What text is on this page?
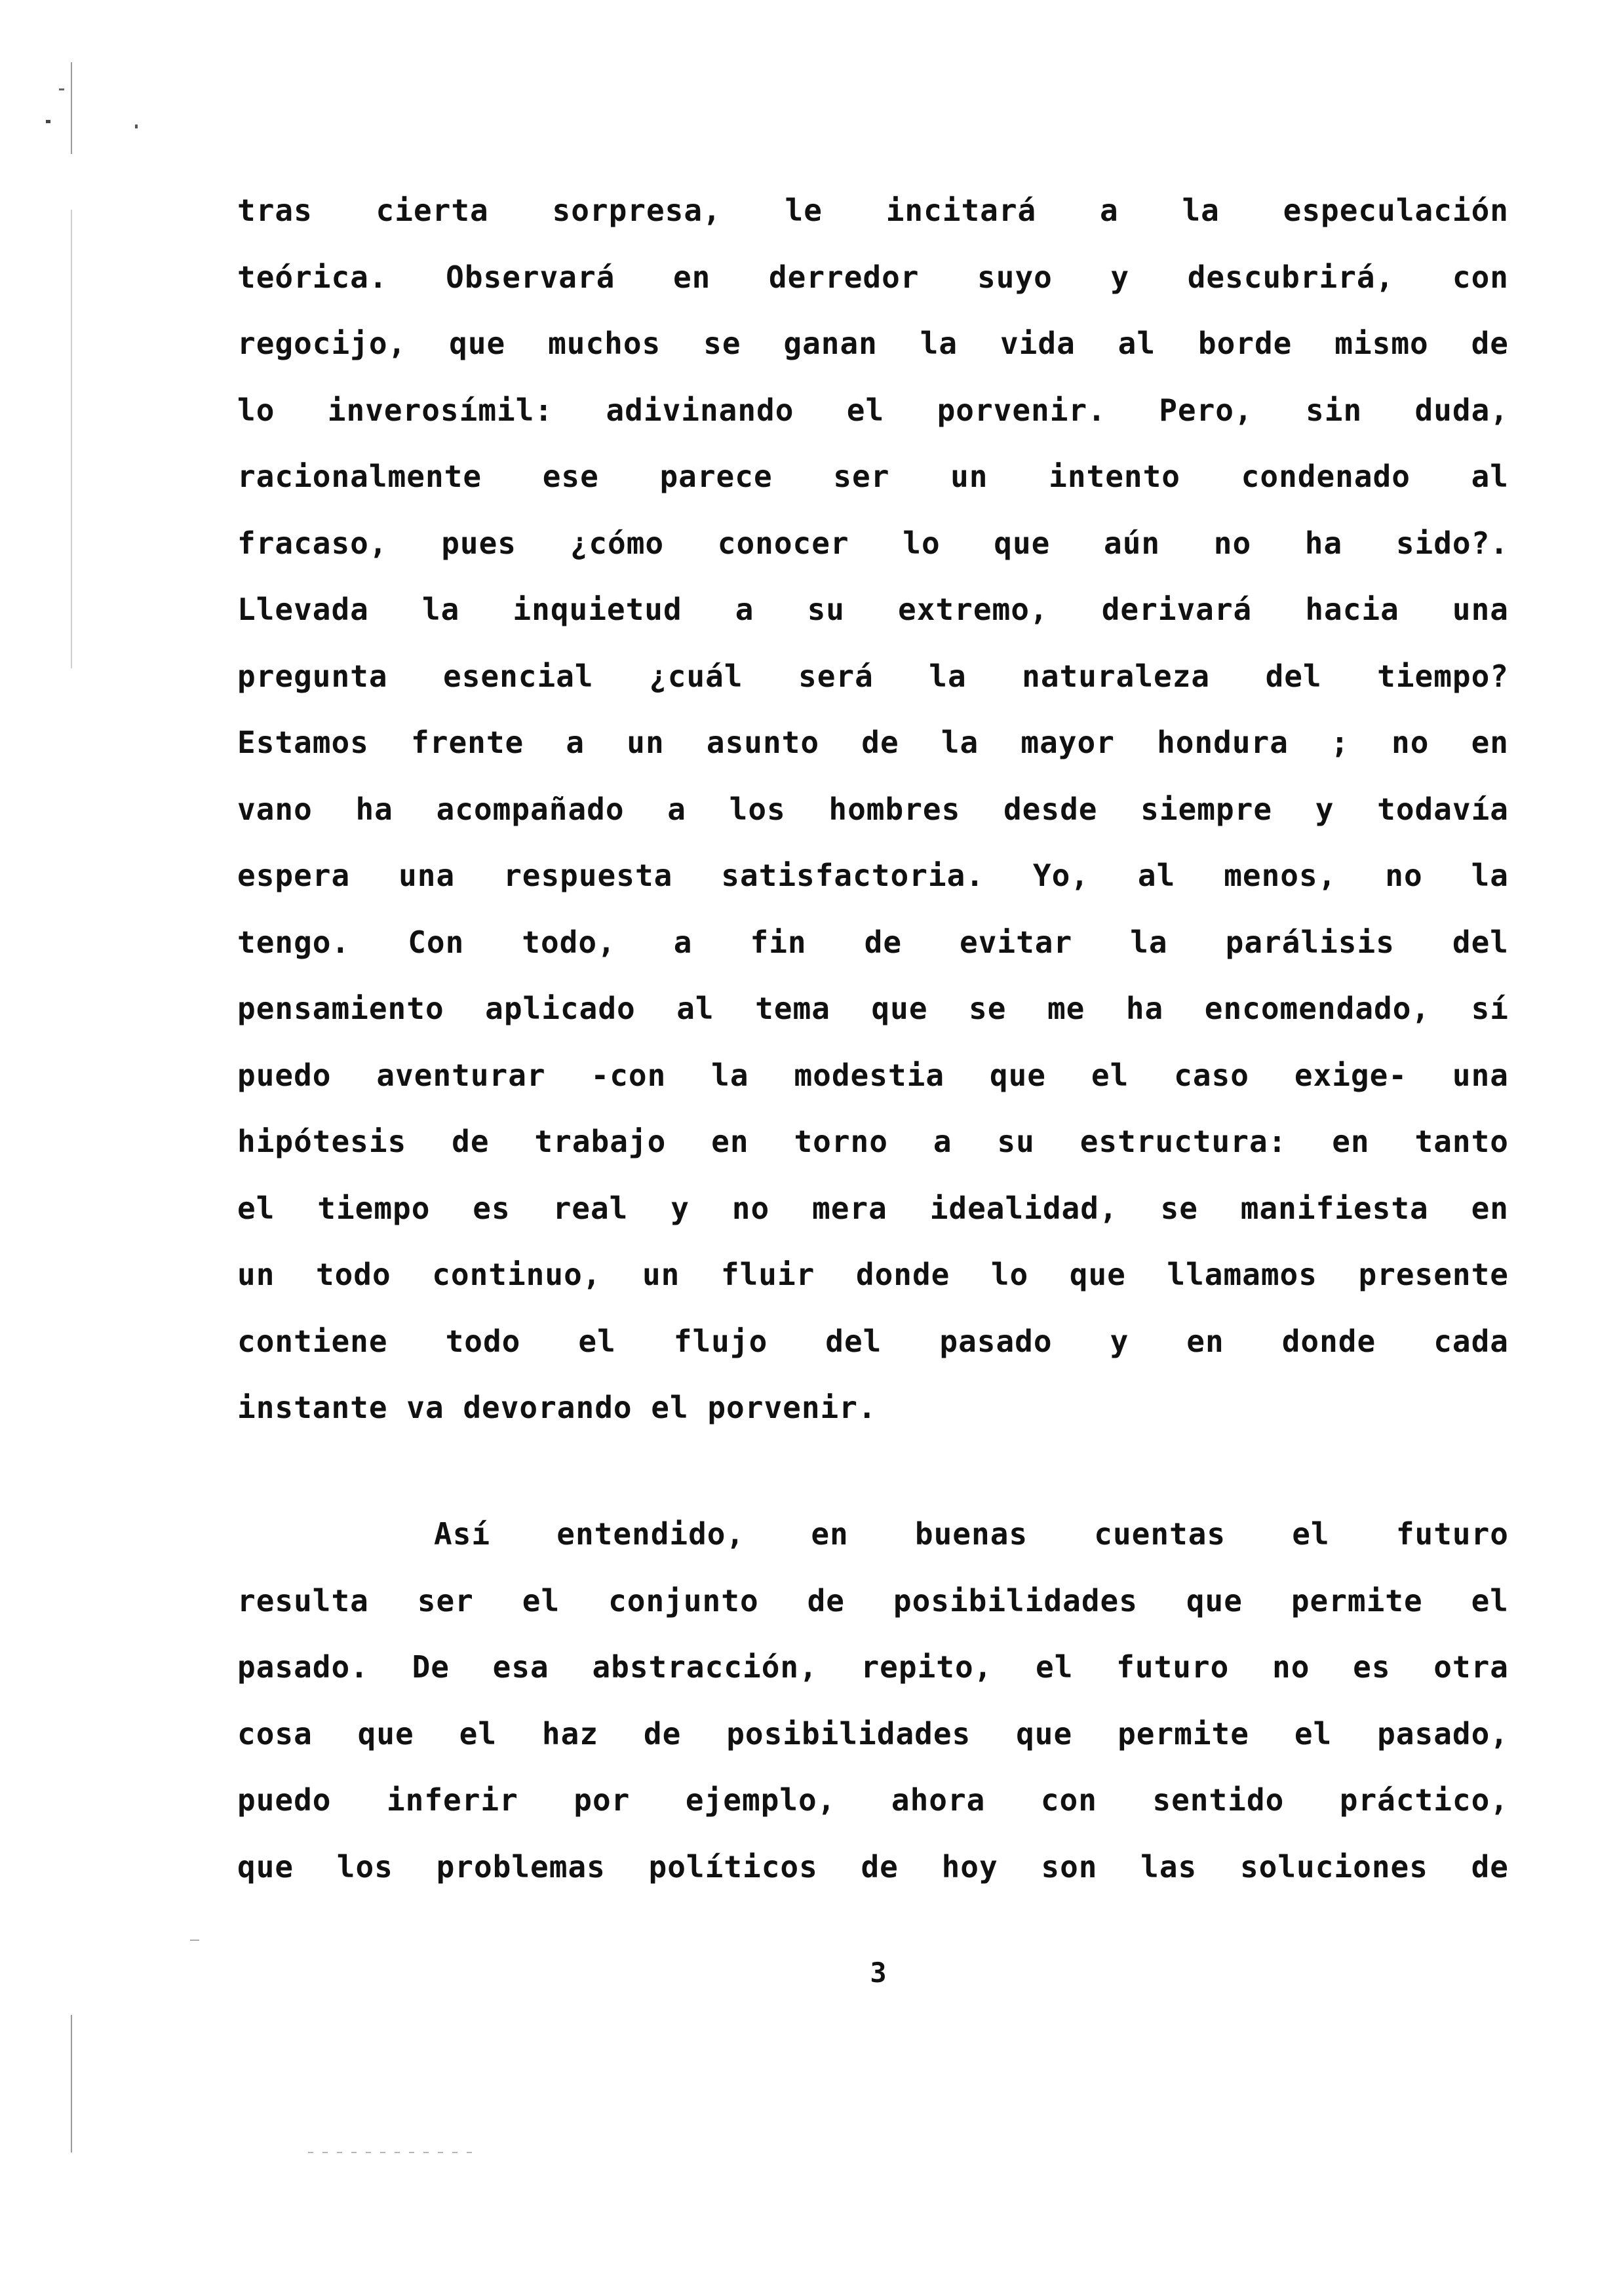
tras cierta sorpresa, le incitará a la especulación
teórica. Observará en derredor suyo y descubrirá, con
regocijo, que muchos se ganan la vida al borde mismo de
lo inverosímil: adivinando el porvenir. Pero, sin duda,
racionalmente ese parece ser un intento condenado al
fracaso, pues ¿cómo conocer lo que aún no ha sido?.
Llevada la inquietud a su extremo, derivará hacia una
pregunta esencial ¿cuál será la naturaleza del tiempo?
Estamos frente a un asunto de la mayor hondura ; no en
vano ha acompañado a los hombres desde siempre y todavía
espera una respuesta satisfactoria. Yo, al menos, no la
tengo. Con todo, a fin de evitar la parálisis del
pensamiento aplicado al tema que se me ha encomendado, sí
puedo aventurar -con la modestia que el caso exige- una
hipótesis de trabajo en torno a su estructura: en tanto
el tiempo es real y no mera idealidad, se manifiesta en
un todo continuo, un fluir donde lo que llamamos presente
contiene todo el flujo del pasado y en donde cada
instante va devorando el porvenir.
Así entendido, en buenas cuentas el futuro
resulta ser el conjunto de posibilidades que permite el
pasado. De esa abstracción, repito, el futuro no es otra
cosa que el haz de posibilidades que permite el pasado,
puedo inferir por ejemplo, ahora con sentido práctico,
que los problemas políticos de hoy son las soluciones de
3
